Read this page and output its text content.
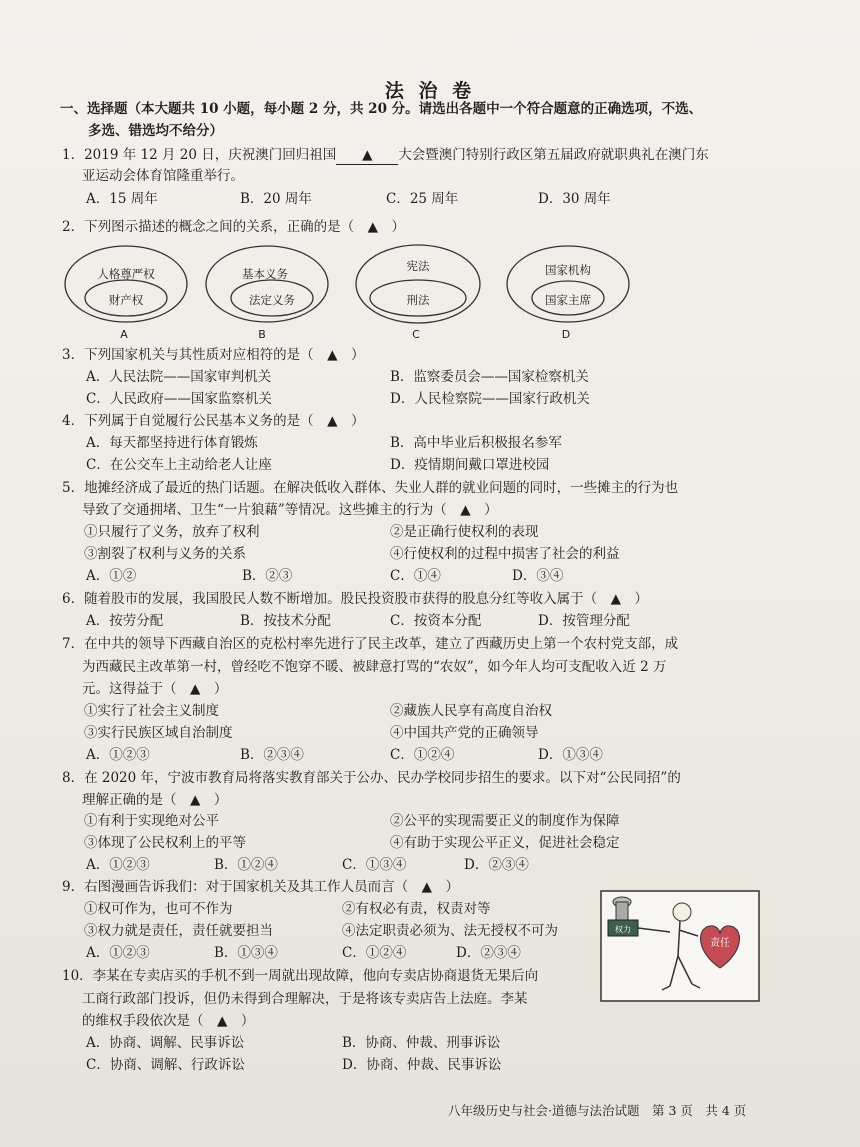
法 治 卷
一、选择题（本大题共 10 小题，每小题 2 分，共 20 分。请选出各题中一个符合题意的正确选项，不选、
多选、错选均不给分）
1．2019 年 12 月 20 日，庆祝澳门回归祖国 ▲ 大会暨澳门特别行政区第五届政府就职典礼在澳门东
亚运动会体育馆隆重举行。
A．15 周年	B．20 周年	C．25 周年	D．30 周年
2．下列图示描述的概念之间的关系，正确的是（　▲　）
人格尊严权
财产权
A
基本义务
法定义务
B
宪法
刑法
C
国家机构
国家主席
D
3．下列国家机关与其性质对应相符的是（　▲　）
A．人民法院——国家审判机关	B．监察委员会——国家检察机关
C．人民政府——国家监察机关	D．人民检察院——国家行政机关
4．下列属于自觉履行公民基本义务的是（　▲　）
A．每天都坚持进行体育锻炼	B．高中毕业后积极报名参军
C．在公交车上主动给老人让座	D．疫情期间戴口罩进校园
5．地摊经济成了最近的热门话题。在解决低收入群体、失业人群的就业问题的同时，一些摊主的行为也
导致了交通拥堵、卫生“一片狼藉”等情况。这些摊主的行为（　▲　）
①只履行了义务，放弃了权利	②是正确行使权利的表现
③割裂了权利与义务的关系	④行使权利的过程中损害了社会的利益
A．①②	B．②③	C．①④	D．③④
6．随着股市的发展，我国股民人数不断增加。股民投资股市获得的股息分红等收入属于（　▲　）
A．按劳分配	B．按技术分配	C．按资本分配	D．按管理分配
7．在中共的领导下西藏自治区的克松村率先进行了民主改革，建立了西藏历史上第一个农村党支部，成
为西藏民主改革第一村，曾经吃不饱穿不暖、被肆意打骂的“农奴”，如今年人均可支配收入近 2 万
元。这得益于（　▲　）
①实行了社会主义制度	②藏族人民享有高度自治权
③实行民族区域自治制度	④中国共产党的正确领导
A．①②③	B．②③④	C．①②④	D．①③④
8．在 2020 年，宁波市教育局将落实教育部关于公办、民办学校同步招生的要求。以下对“公民同招”的
理解正确的是（　▲　）
①有利于实现绝对公平	②公平的实现需要正义的制度作为保障
③体现了公民权利上的平等	④有助于实现公平正义，促进社会稳定
A．①②③	B．①②④	C．①③④	D．②③④
9．右图漫画告诉我们：对于国家机关及其工作人员而言（　▲　）
①权可作为，也可不作为	②有权必有责，权责对等
③权力就是责任，责任就要担当	④法定职责必须为、法无授权不可为
A．①②③	B．①③④	C．①②④	D．②③④
权力
责任
10．李某在专卖店买的手机不到一周就出现故障，他向专卖店协商退货无果后向
工商行政部门投诉，但仍未得到合理解决，于是将该专卖店告上法庭。李某
的维权手段依次是（　▲　）
A．协商、调解、民事诉讼	B．协商、仲裁、刑事诉讼
C．协商、调解、行政诉讼	D．协商、仲裁、民事诉讼
八年级历史与社会·道德与法治试题　第 3 页　共 4 页
